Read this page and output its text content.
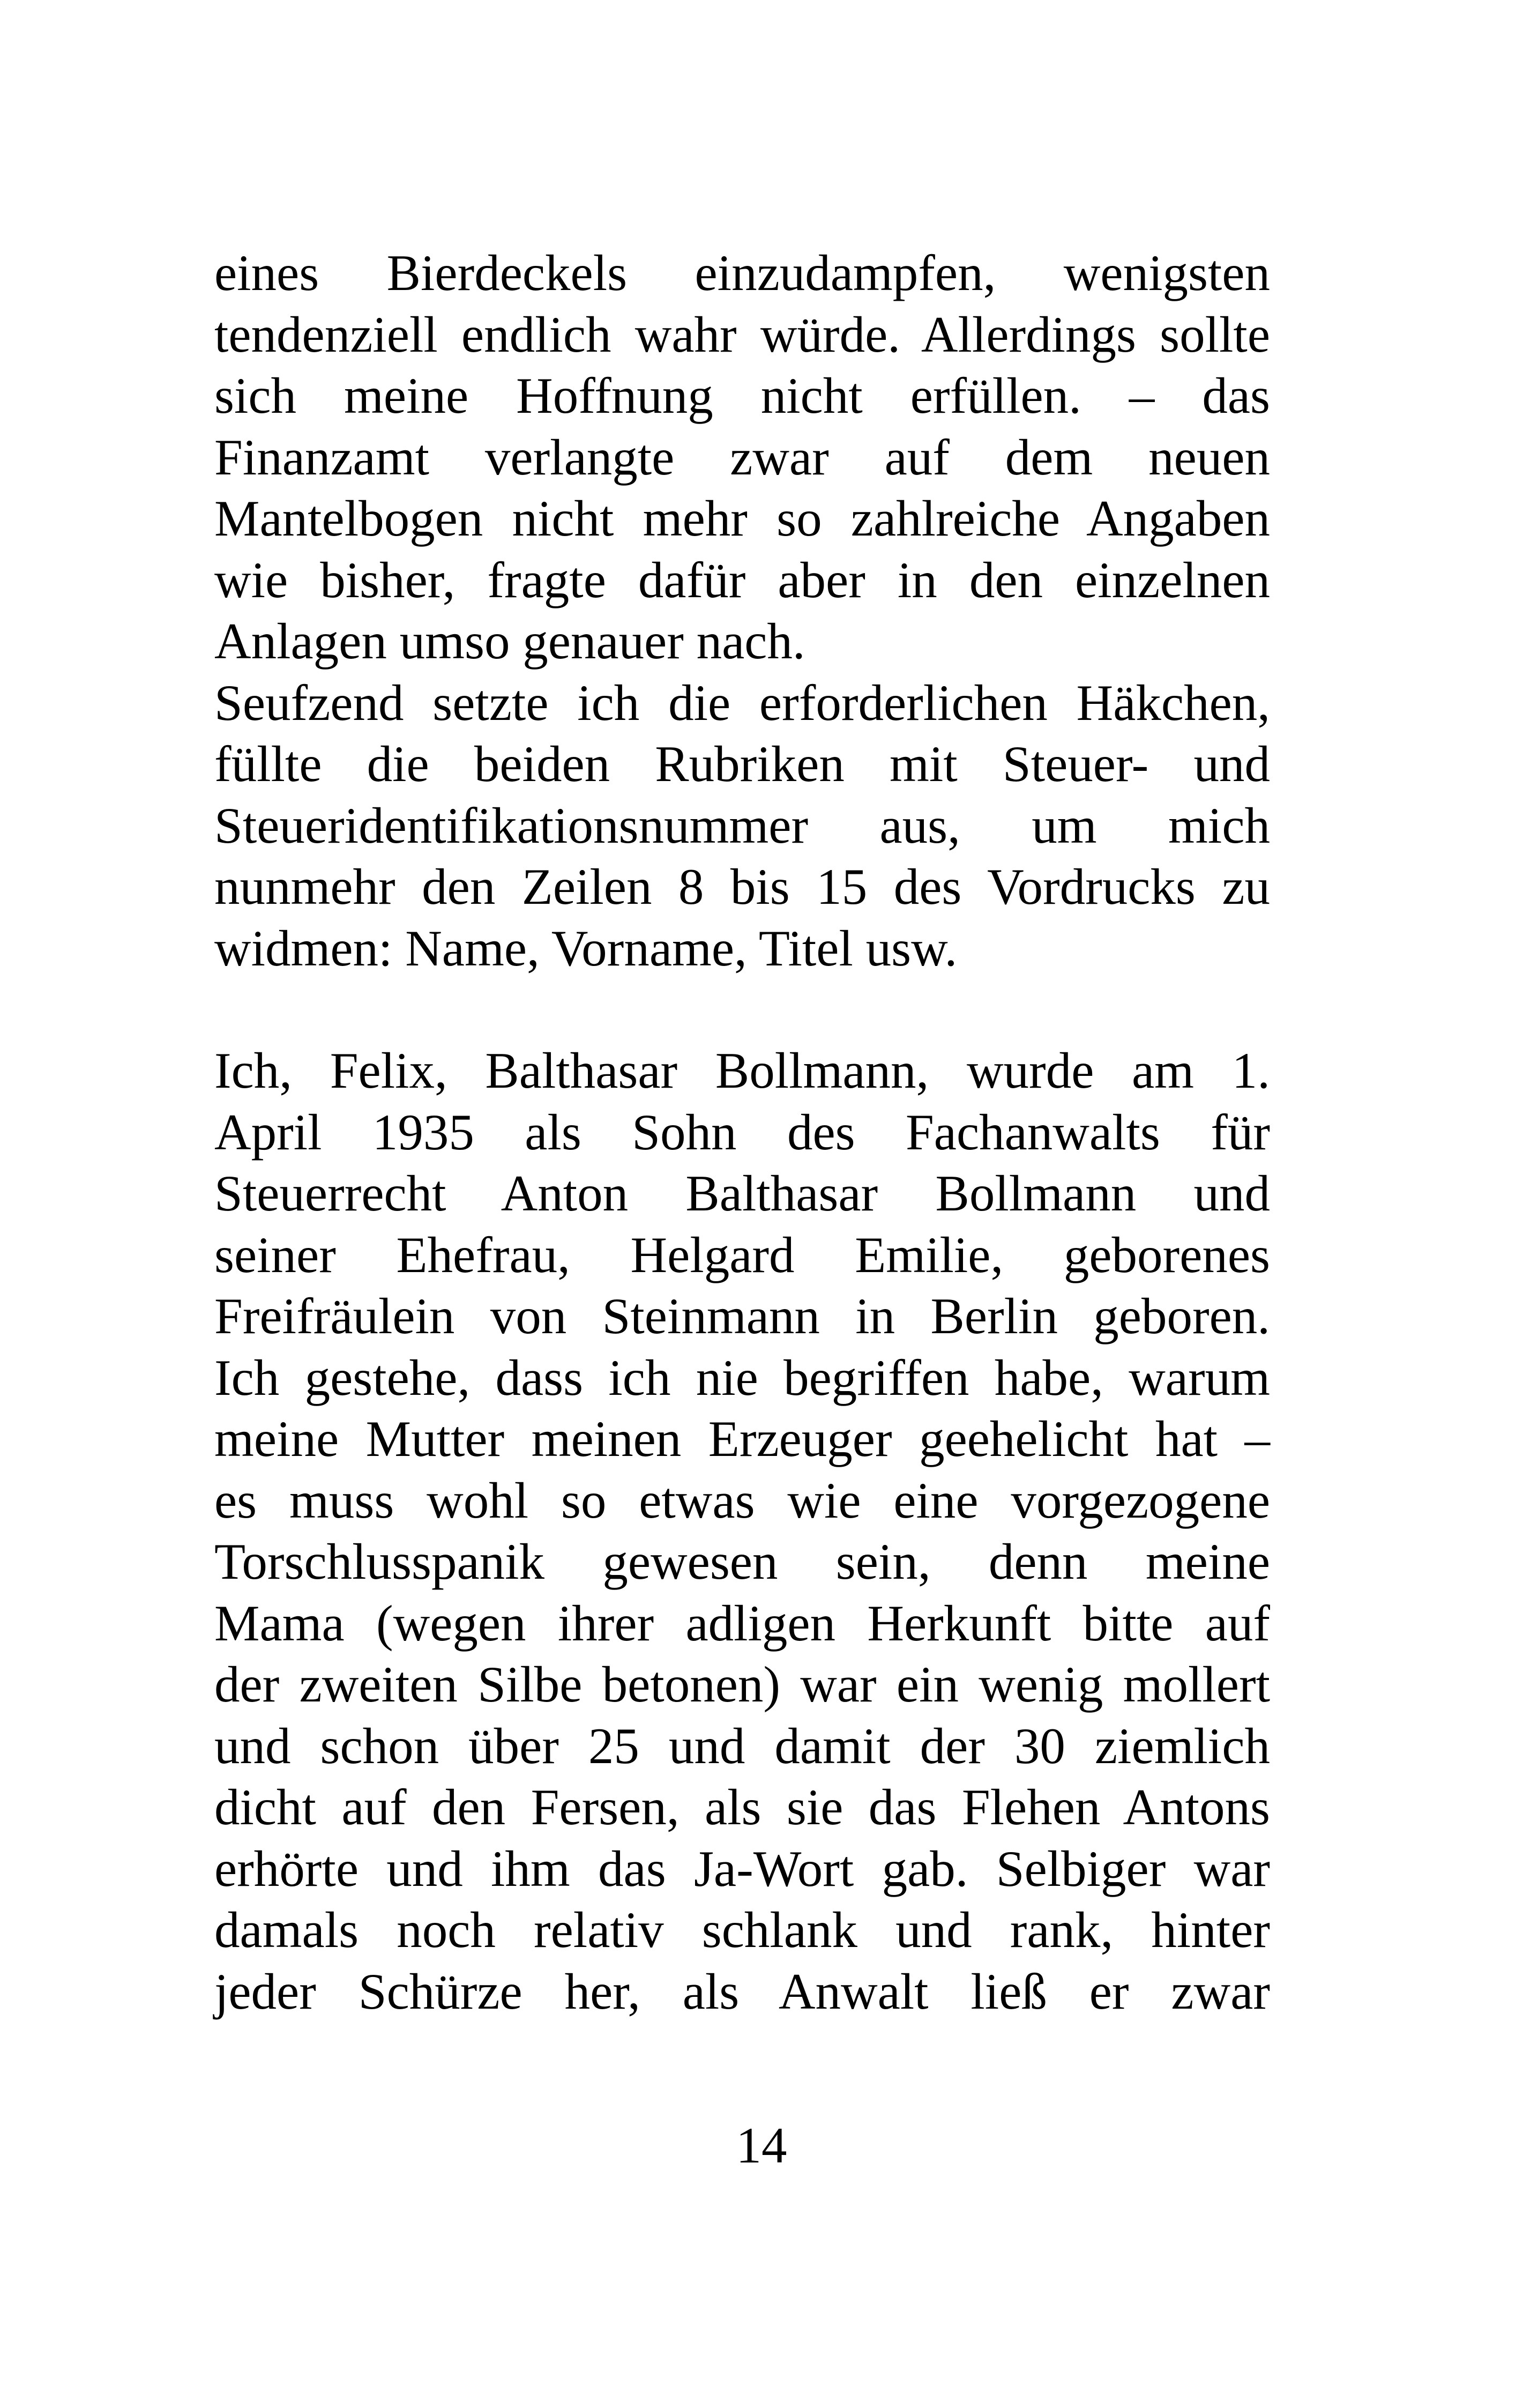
eines Bierdeckels einzudampfen, wenigsten
tendenziell endlich wahr würde. Allerdings sollte
sich meine Hoffnung nicht erfüllen. – das
Finanzamt verlangte zwar auf dem neuen
Mantelbogen nicht mehr so zahlreiche Angaben
wie bisher, fragte dafür aber in den einzelnen
Anlagen umso genauer nach.
Seufzend setzte ich die erforderlichen Häkchen,
füllte die beiden Rubriken mit Steuer- und
Steueridentifikationsnummer aus, um mich
nunmehr den Zeilen 8 bis 15 des Vordrucks zu
widmen: Name, Vorname, Titel usw.
Ich, Felix, Balthasar Bollmann, wurde am 1.
April 1935 als Sohn des Fachanwalts für
Steuerrecht Anton Balthasar Bollmann und
seiner Ehefrau, Helgard Emilie, geborenes
Freifräulein von Steinmann in Berlin geboren.
Ich gestehe, dass ich nie begriffen habe, warum
meine Mutter meinen Erzeuger geehelicht hat –
es muss wohl so etwas wie eine vorgezogene
Torschlusspanik gewesen sein, denn meine
Mama (wegen ihrer adligen Herkunft bitte auf
der zweiten Silbe betonen) war ein wenig mollert
und schon über 25 und damit der 30 ziemlich
dicht auf den Fersen, als sie das Flehen Antons
erhörte und ihm das Ja-Wort gab. Selbiger war
damals noch relativ schlank und rank, hinter
jeder Schürze her, als Anwalt ließ er zwar
14
